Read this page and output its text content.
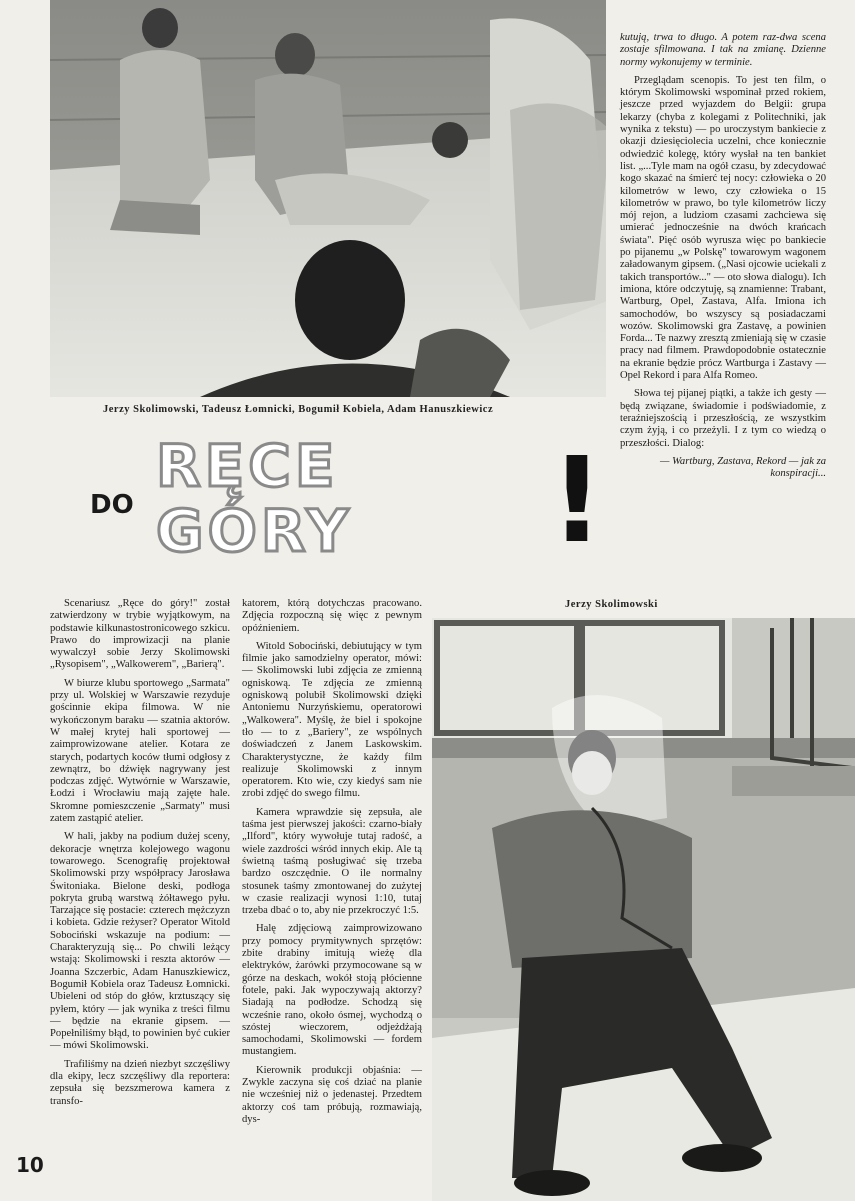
Jerzy Skolimowski, Tadeusz Łomnicki, Bogumił Kobiela, Adam Hanuszkiewicz
RĘCE
DO GÓRY !

kutują, trwa to długo. A potem raz-dwa scena zostaje sfilmowana. I tak na zmianę. Dzienne normy wykonujemy w terminie.

Przeglądam scenopis. To jest ten film, o którym Skolimowski wspominał przed rokiem, jeszcze przed wyjazdem do Belgii: grupa lekarzy (chyba z kolegami z Politechniki, jak wynika z tekstu) — po uroczystym bankiecie z okazji dziesięciolecia uczelni, chce koniecznie odwiedzić kolegę, który wysłał na ten bankiet list. „...Tyle mam na ogół czasu, by zdecydować kogo skazać na śmierć tej nocy: człowieka o 20 kilometrów w lewo, czy człowieka o 15 kilometrów w prawo, bo tyle kilometrów liczy mój rejon, a ludziom czasami zachciewa się umierać jednocześnie na dwóch krańcach świata". Pięć osób wyrusza więc po bankiecie po pijanemu „w Polskę" towarowym wagonem załadowanym gipsem. („Nasi ojcowie uciekali z takich transportów..." — oto słowa dialogu). Ich imiona, które odczytuję, są znamienne: Trabant, Wartburg, Opel, Zastava, Alfa. Imiona ich samochodów, bo wszyscy są posiadaczami wozów. Skolimowski gra Zastavę, a powinien Forda... Te nazwy zresztą zmieniają się w czasie pracy nad filmem. Prawdopodobnie ostatecznie na ekranie będzie prócz Wartburga i Zastavy — Opel Rekord i para Alfa Romeo.

Słowa tej pijanej piątki, a także ich gesty — będą związane, świadomie i podświadomie, z teraźniejszością i przeszłością, ze wszystkim czym żyją, i co przeżyli. I z tym co wiedzą o przeszłości. Dialog:

— Wartburg, Zastava, Rekord — jak za konspiracji...

Jerzy Skolimowski

Scenariusz „Ręce do góry!" został zatwierdzony w trybie wyjątkowym, na podstawie kilkunastostronicowego szkicu. Prawo do improwizacji na planie wywalczył sobie Jerzy Skolimowski „Rysopisem", „Walkowerem", „Barierą".

W biurze klubu sportowego „Sarmata" przy ul. Wolskiej w Warszawie rezyduje gościnnie ekipa filmowa. W nie wykończonym baraku — szatnia aktorów. W małej krytej hali sportowej — zaimprowizowane atelier. Kotara ze starych, podartych koców tłumi odgłosy z zewnątrz, bo dźwięk nagrywany jest podczas zdjęć. Wytwórnie w Warszawie, Łodzi i Wrocławiu mają zajęte hale. Skromne pomieszczenie „Sarmaty" musi zatem zastąpić atelier.

W hali, jakby na podium dużej sceny, dekoracje wnętrza kolejowego wagonu towarowego. Scenografię projektował Skolimowski przy współpracy Jarosława Świtoniaka. Bielone deski, podłoga pokryta grubą warstwą żółtawego pyłu. Tarzające się postacie: czterech mężczyzn i kobieta. Gdzie reżyser? Operator Witold Sobociński wskazuje na podium: — Charakteryzują się... Po chwili leżący wstają: Skolimowski i reszta aktorów — Joanna Szczerbic, Adam Hanuszkiewicz, Bogumił Kobiela oraz Tadeusz Łomnicki. Ubieleni od stóp do głów, krztuszący się pyłem, który — jak wynika z treści filmu — będzie na ekranie gipsem. — Popełniliśmy błąd, to powinien być cukier — mówi Skolimowski.

Trafiliśmy na dzień niezbyt szczęśliwy dla ekipy, lecz szczęśliwy dla reportera: zepsuła się bezszmerowa kamera z transfo-

katorem, którą dotychczas pracowano. Zdjęcia rozpoczną się więc z pewnym opóźnieniem.

Witold Sobociński, debiutujący w tym filmie jako samodzielny operator, mówi: — Skolimowski lubi zdjęcia ze zmienną ogniskową. Te zdjęcia ze zmienną ogniskową polubił Skolimowski dzięki Antoniemu Nurzyńskiemu, operatorowi „Walkowera". Myślę, że biel i spokojne tło — to z „Bariery", ze wspólnych doświadczeń z Janem Laskowskim. Charakterystyczne, że każdy film realizuje Skolimowski z innym operatorem. Kto wie, czy kiedyś sam nie zrobi zdjęć do swego filmu.

Kamera wprawdzie się zepsuła, ale taśma jest pierwszej jakości: czarno-biały „Ilford", który wywołuje tutaj radość, a wiele zazdrości wśród innych ekip. Ale tą świetną taśmą posługiwać się trzeba bardzo oszczędnie. O ile normalny stosunek taśmy zmontowanej do zużytej w czasie realizacji wynosi 1:10, tutaj trzeba dbać o to, aby nie przekroczyć 1:5.

Halę zdjęciową zaimprowizowano przy pomocy prymitywnych sprzętów: zbite drabiny imitują wieżę dla elektryków, żarówki przymocowane są w górze na deskach, wokół stoją płócienne fotele, paki. Jak wypoczywają aktorzy? Siadają na podłodze. Schodzą się wcześnie rano, około ósmej, wychodzą o szóstej wieczorem, odjeżdżają samochodami, Skolimowski — fordem mustangiem.

Kierownik produkcji objaśnia: — Zwykle zaczyna się coś dziać na planie nie wcześniej niż o jedenastej. Przedtem aktorzy coś tam próbują, rozmawiają, dys-

10
